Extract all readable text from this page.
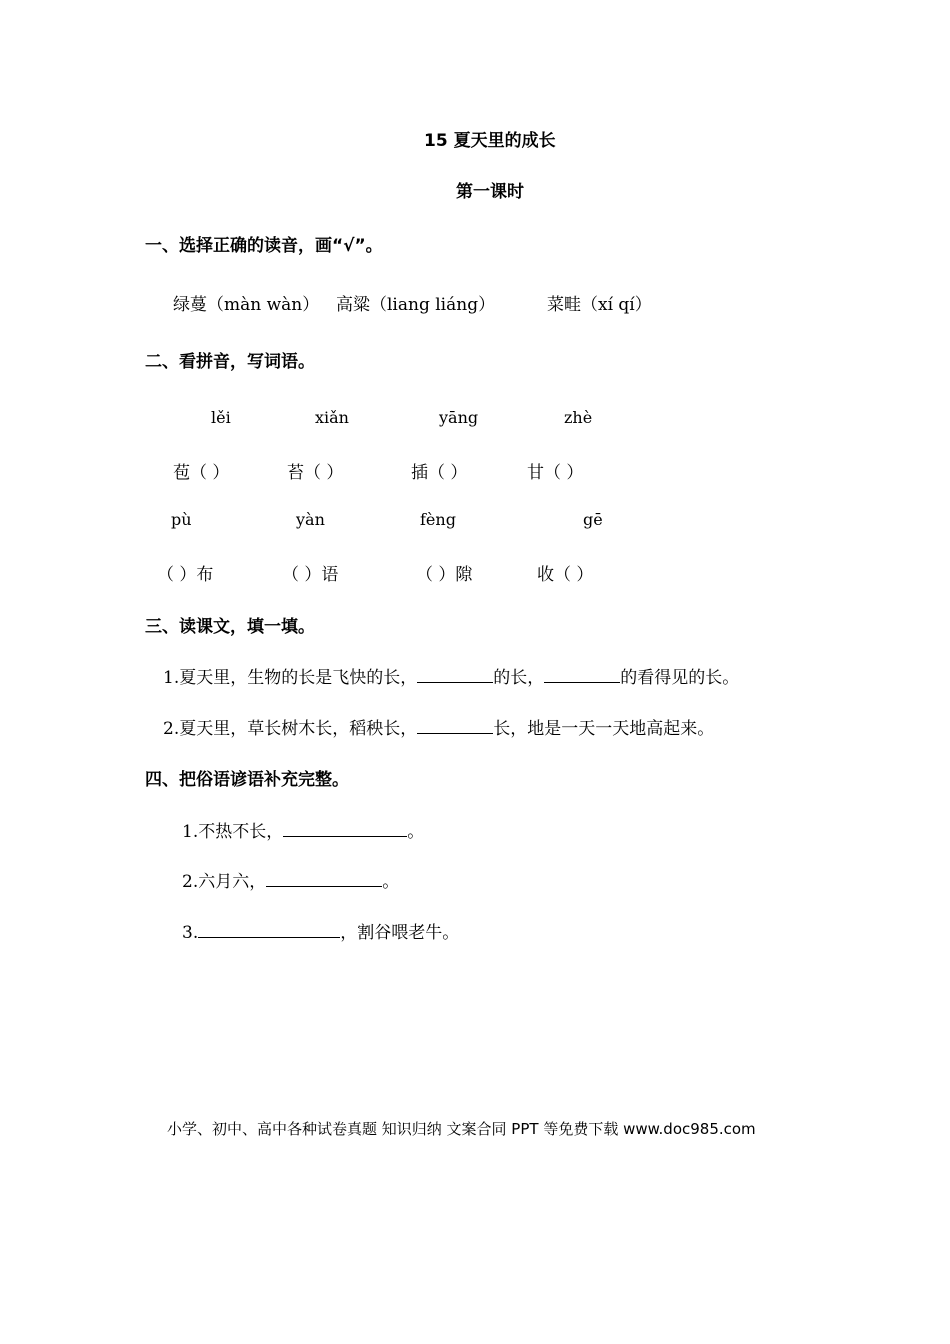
15 夏天里的成长
第一课时
一、选择正确的读音，画“√”。
绿蔓（màn wàn） 高粱（liang liáng）	菜畦（xí qí）
二、看拼音，写词语。
lěi	xiǎn	yāng	zhè
苞（ ）	苔（ ）	插（ ）	甘（ ）
pù	yàn	fèng	gē
（ ）布	（ ）语	（ ）隙	收（ ）
三、读课文，填一填。
1.夏天里，生物的长是飞快的长，	的长，	的看得见的长。
2.夏天里，草长树木长，稻秧长，	长，地是一天一天地高起来。
四、把俗语谚语补充完整。
1.不热不长，	。
2.六月六，	。
3.	，割谷喂老牛。
小学、初中、高中各种试卷真题 知识归纳 文案合同 PPT 等免费下载 www.doc985.com
